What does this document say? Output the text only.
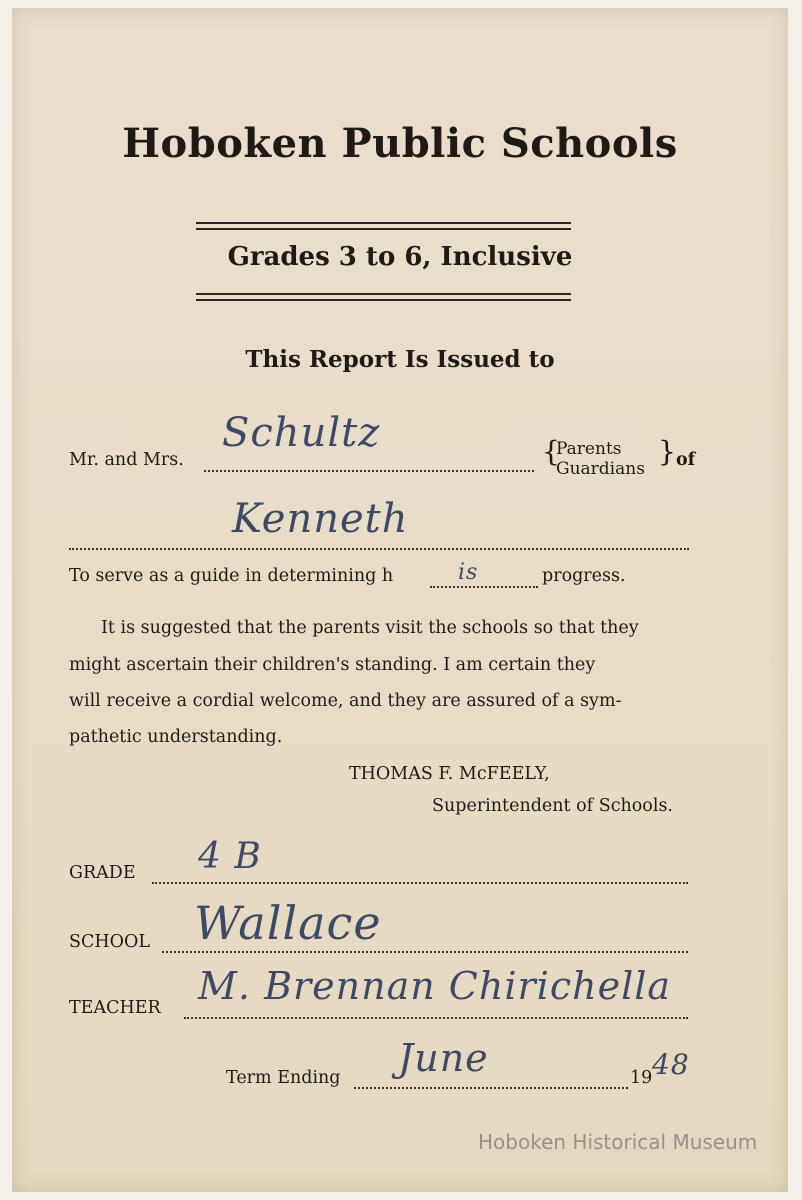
Hoboken Public Schools
Grades 3 to 6, Inclusive
This Report Is Issued to
Mr. and Mrs.
Schultz	{
Parents
Guardians
} of
Kenneth
To serve as a guide in determining h	is	progress.
It is suggested that the parents visit the schools so that they
might ascertain their children's standing. I am certain they
will receive a cordial welcome, and they are assured of a sym-
pathetic understanding.
THOMAS F. McFEELY,
Superintendent of Schools.
GRADE 4 B
SCHOOL Wallace
TEACHER M. Brennan Chirichella
Term Ending June	19 48
Hoboken Historical Museum
